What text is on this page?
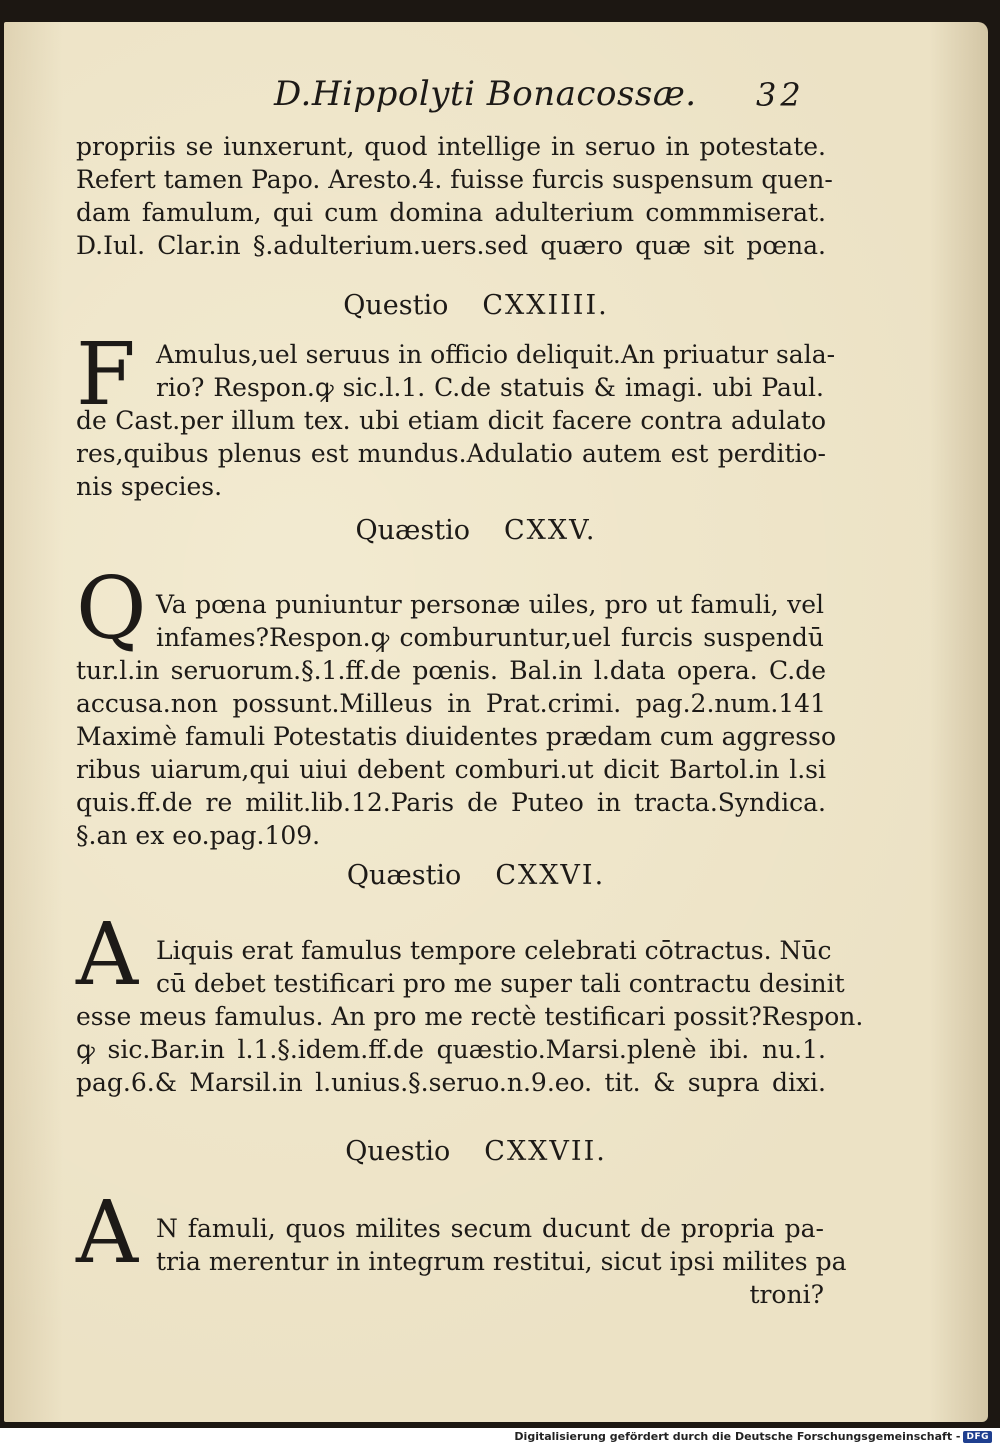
D.Hippolyti Bonacossæ. 32
propriis se iunxerunt, quod intellige in seruo in potestate.
Refert tamen Papo. Aresto.4. fuisse furcis suspensum quen-
dam famulum, qui cum domina adulterium commmiserat.
D.Iul. Clar.in §.adulterium.uers.sed quæro quæ sit pœna.
Questio CXXIIII.
F Amulus,uel seruus in officio deliquit.An priuatur sala-
rio? Respon.ꝙ sic.l.1. C.de statuis & imagi. ubi Paul.
de Cast.per illum tex. ubi etiam dicit facere contra adulato
res,quibus plenus est mundus.Adulatio autem est perditio-
nis species.
Quæstio CXXV.
Q Va pœna puniuntur personæ uiles, pro ut famuli, vel
infames?Respon.ꝙ comburuntur,uel furcis suspendū
tur.l.in seruorum.§.1.ff.de pœnis. Bal.in l.data opera. C.de
accusa.non possunt.Milleus in Prat.crimi. pag.2.num.141
Maximè famuli Potestatis diuidentes prædam cum aggresso
ribus uiarum,qui uiui debent comburi.ut dicit Bartol.in l.si
quis.ff.de re milit.lib.12.Paris de Puteo in tracta.Syndica.
§.an ex eo.pag.109.
Quæstio CXXVI.
A Liquis erat famulus tempore celebrati cōtractus. Nūc
cū debet testificari pro me super tali contractu desinit
esse meus famulus. An pro me rectè testificari possit?Respon.
ꝙ sic.Bar.in l.1.§.idem.ff.de quæstio.Marsi.plenè ibi. nu.1.
pag.6.& Marsil.in l.unius.§.seruo.n.9.eo. tit. & supra dixi.
Questio CXXVII.
A N famuli, quos milites secum ducunt de propria pa-
tria merentur in integrum restitui, sicut ipsi milites pa
troni?
Digitalisierung gefördert durch die Deutsche Forschungsgemeinschaft - DFG
